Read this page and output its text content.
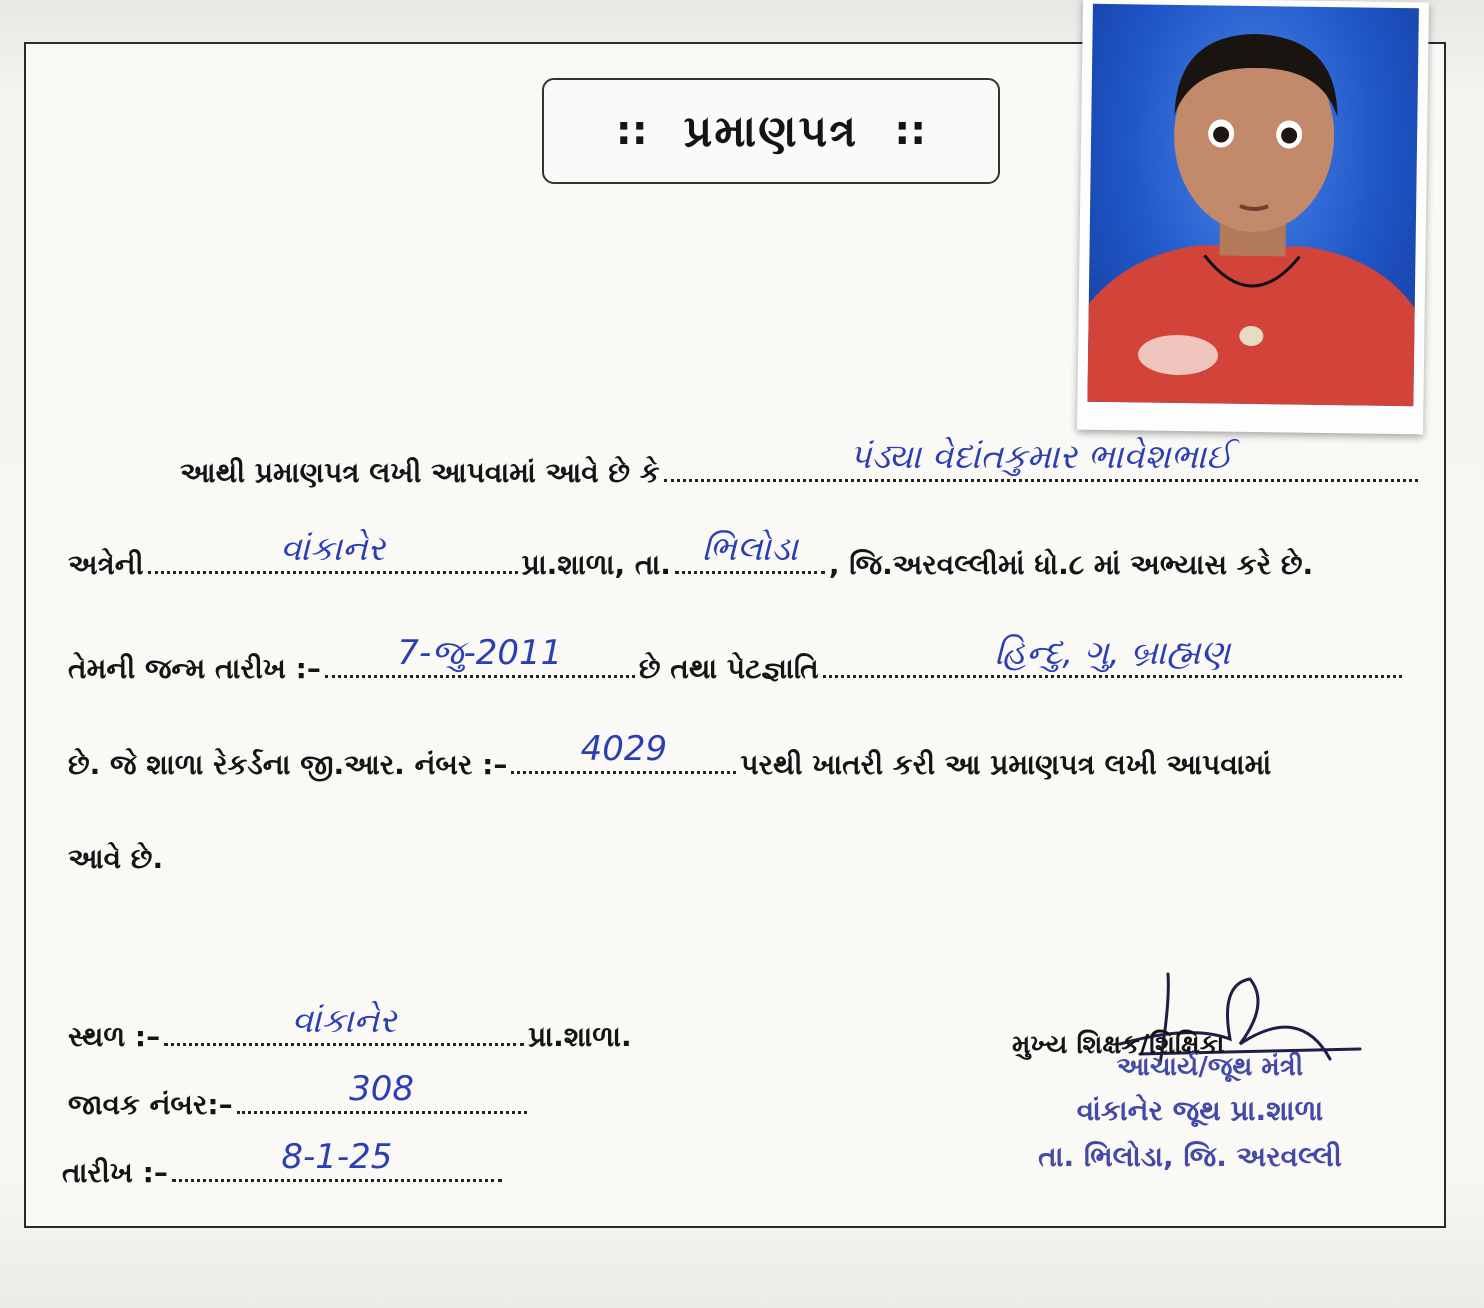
:: પ્રમાણપત્ર ::
આથી પ્રમાણપત્ર લખી આપવામાં આવે છે કે	પંડ્યા વેદાંતકુમાર ભાવેશભાઈ
અત્રેની	વાંકાનેર	પ્રા.શાળા, તા. ભિલોડા	, જિ.અરવલ્લીમાં ધો.૮ માં અભ્યાસ કરે છે.
તેમની જન્મ તારીખ :–	7-જુ-2011	છે તથા પેટજ્ઞાતિ	હિન્દુ, ગુ, બ્રાહ્મણ
છે. જે શાળા રેકર્ડના જી.આર. નંબર :–	4029	પરથી ખાતરી કરી આ પ્રમાણપત્ર લખી આપવામાં
આવે છે.
સ્થળ :–	વાંકાનેર	પ્રા.શાળા.
જાવક નંબર:–	308
તારીખ :–	8-1-25
મુખ્ય શિક્ષક/શિક્ષિકા
આચાર્ય/જૂથ મંત્રી
વાંકાનેર જૂથ પ્રા.શાળા
તા. ભિલોડા, જિ. અરવલ્લી
